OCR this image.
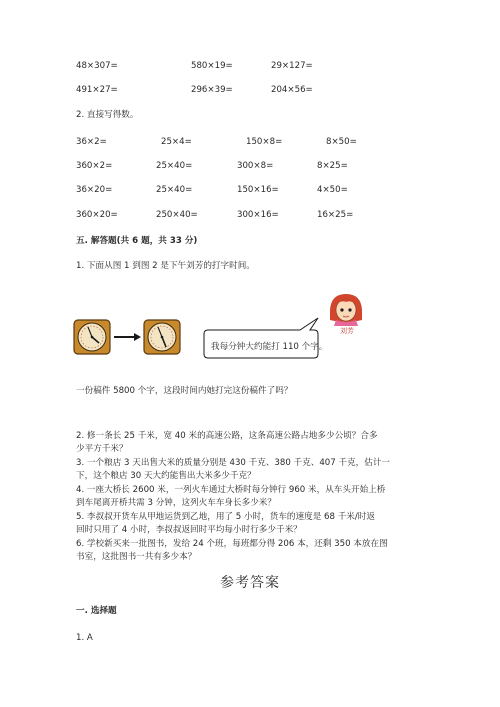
48×307=	580×19=	29×127=
491×27=	296×39=	204×56=
2. 直接写得数。
36×2=	25×4=	150×8=	8×50=
360×2=	25×40=	300×8=	8×25=
36×20=	25×40=	150×16=	4×50=
360×20=	250×40=	300×16=	16×25=
五. 解答题(共 6 题，共 33 分)
1. 下面从图 1 到图 2 是下午刘芳的打字时间。
我每分钟大约能打 110 个字。
刘芳
一份稿件 5800 个字，这段时间内她打完这份稿件了吗？
2. 修一条长 25 千米，宽 40 米的高速公路，这条高速公路占地多少公顷？合多
少平方千米？
3. 一个粮店 3 天出售大米的质量分别是 430 千克、380 千克、407 千克，估计一
下，这个粮店 30 天大约能售出大米多少千克？
4. 一座大桥长 2600 米，一列火车通过大桥时每分钟行 960 米，从车头开始上桥
到车尾离开桥共需 3 分钟，这列火车车身长多少米？
5. 李叔叔开货车从甲地运货到乙地，用了 5 小时，货车的速度是 68 千米/时返
回时只用了 4 小时，李叔叔返回时平均每小时行多少千米？
6. 学校新买来一批图书，发给 24 个班，每班都分得 206 本，还剩 350 本放在图
书室，这批图书一共有多少本？
参考答案
一. 选择题
1. A
